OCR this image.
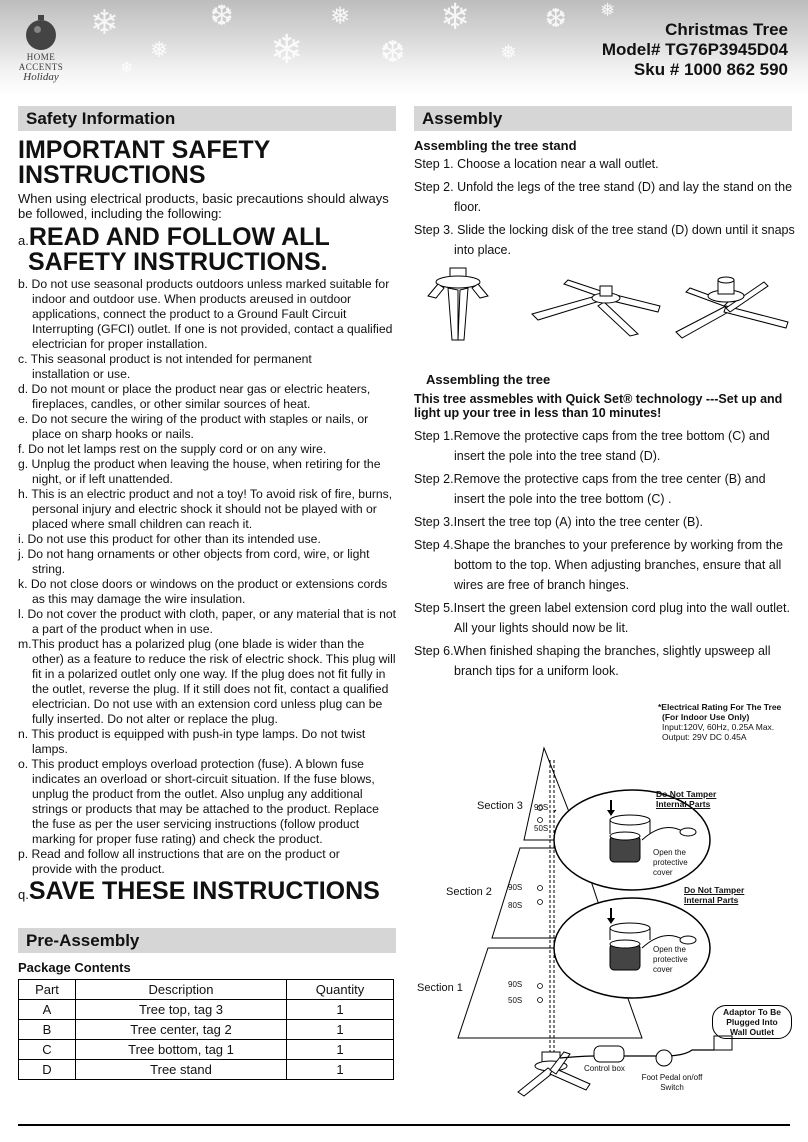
❄
❅
❆
❄
❅
❆
❄
❅
❆
❄
❅
HOME
ACCENTS
Holiday
Christmas Tree
Model# TG76P3945D04
Sku # 1000 862 590
Safety Information
IMPORTANT SAFETY INSTRUCTIONS
When using electrical products, basic precautions should always be followed, including the following:
a.READ AND FOLLOW ALL SAFETY INSTRUCTIONS.
b. Do not use seasonal products outdoors unless marked suitable for indoor and outdoor use. When products areused in outdoor applications, connect the product to a Ground Fault Circuit Interrupting (GFCI) outlet. If one is not provided, contact a qualified electrician for proper installation.
c. This seasonal product is not intended for permanent installation or use.
d. Do not mount or place the product near gas or electric heaters, fireplaces, candles, or other similar sources of heat.
e. Do not secure the wiring of the product with staples or nails, or place on sharp hooks or nails.
f. Do not let lamps rest on the supply cord or on any wire.
g. Unplug the product when leaving the house, when retiring for the night, or if left unattended.
h. This is an electric product and not a toy! To avoid risk of fire, burns, personal injury and electric shock it should not be played with or placed where small children can reach it.
i. Do not use this product for other than its intended use.
j. Do not hang ornaments or other objects from cord, wire, or light string.
k. Do not close doors or windows on the product or extensions cords as this may damage the wire insulation.
l. Do not cover the product with cloth, paper, or any material that is not a part of the product when in use.
m.This product has a polarized plug (one blade is wider than the other) as a feature to reduce the risk of electric shock. This plug will fit in a polarized outlet only one way. If the plug does not fit fully in the outlet, reverse the plug. If it still does not fit, contact a qualified electrician. Do not use with an extension cord unless plug can be fully inserted. Do not alter or replace the plug.
n. This product is equipped with push-in type lamps. Do not twist lamps.
o. This product employs overload protection (fuse). A blown fuse indicates an overload or short-circuit situation. If the fuse blows, unplug the product from the outlet. Also unplug any additional strings or products that may be attached to the product. Replace the fuse as per the user servicing instructions (follow product marking for proper fuse rating) and check the product.
p. Read and follow all instructions that are on the product or provide with the product.
q.SAVE THESE INSTRUCTIONS
Pre-Assembly
Package Contents
Part	Description	Quantity
A	Tree top, tag 3	1
B	Tree center, tag 2	1
C	Tree bottom, tag 1	1
D	Tree stand	1
Assembly
Assembling the tree stand
Step 1. Choose a location near a wall outlet.
Step 2. Unfold the legs of the tree stand (D) and lay the stand on the floor.
Step 3. Slide the locking disk of the tree stand (D) down until it snaps into place.
Assembling the tree
This tree assmebles with Quick Set® technology ---Set up and light up your tree in less than 10 minutes!
Step 1.Remove the protective caps from the tree bottom (C) and insert the pole into the tree stand (D).
Step 2.Remove the protective caps from the tree center (B) and insert the pole into the tree bottom (C) .
Step 3.Insert the tree top (A) into the tree center (B).
Step 4.Shape the branches to your preference by working from the bottom to the top. When adjusting branches, ensure that all wires are free of branch hinges.
Step 5.Insert the green label extension cord plug into the wall outlet. All your lights should now be lit.
Step 6.When finished shaping the branches, slightly upsweep all branch tips for a uniform look.
*Electrical Rating For The Tree
(For Indoor Use Only)
Input:120V, 60Hz, 0.25A Max.
Output: 29V DC 0.45A
Section 3
Section 2
Section 1
90S
50S
90S
80S
90S
50S
Do Not Tamper
Internal Parts
Do Not Tamper
Internal Parts
Open the protective cover
Open the protective cover
Adaptor To Be Plugged Into Wall Outlet
Control box
Foot Pedal on/off Switch
